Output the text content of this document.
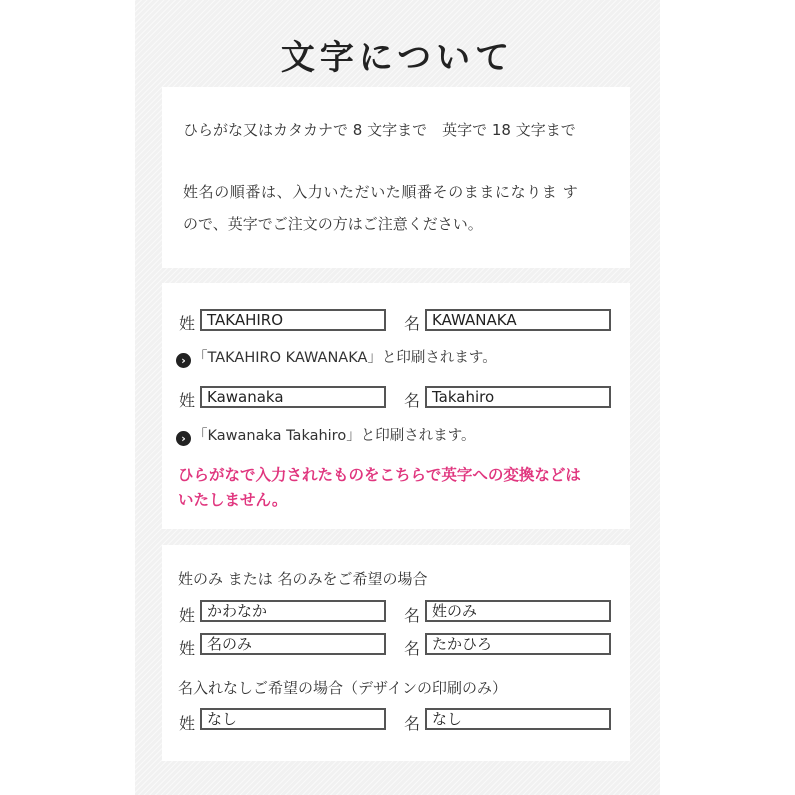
文字について
ひらがな又はカタカナで 8 文字まで　英字で 18 文字まで
姓名の順番は、入力いただいた順番そのままになりま す
ので、英字でご注文の方はご注意ください。
姓 TAKAHIRO	名 KAWANAKA
› 「TAKAHIRO KAWANAKA」と印刷されます。
姓 Kawanaka	名 Takahiro
› 「Kawanaka Takahiro」と印刷されます。
ひらがなで入力されたものをこちらで英字への変換などは
いたしません。
姓のみ または 名のみをご希望の場合
姓 かわなか	名 姓のみ
姓 名のみ	名 たかひろ
名入れなしご希望の場合（デザインの印刷のみ）
姓 なし	名 なし
